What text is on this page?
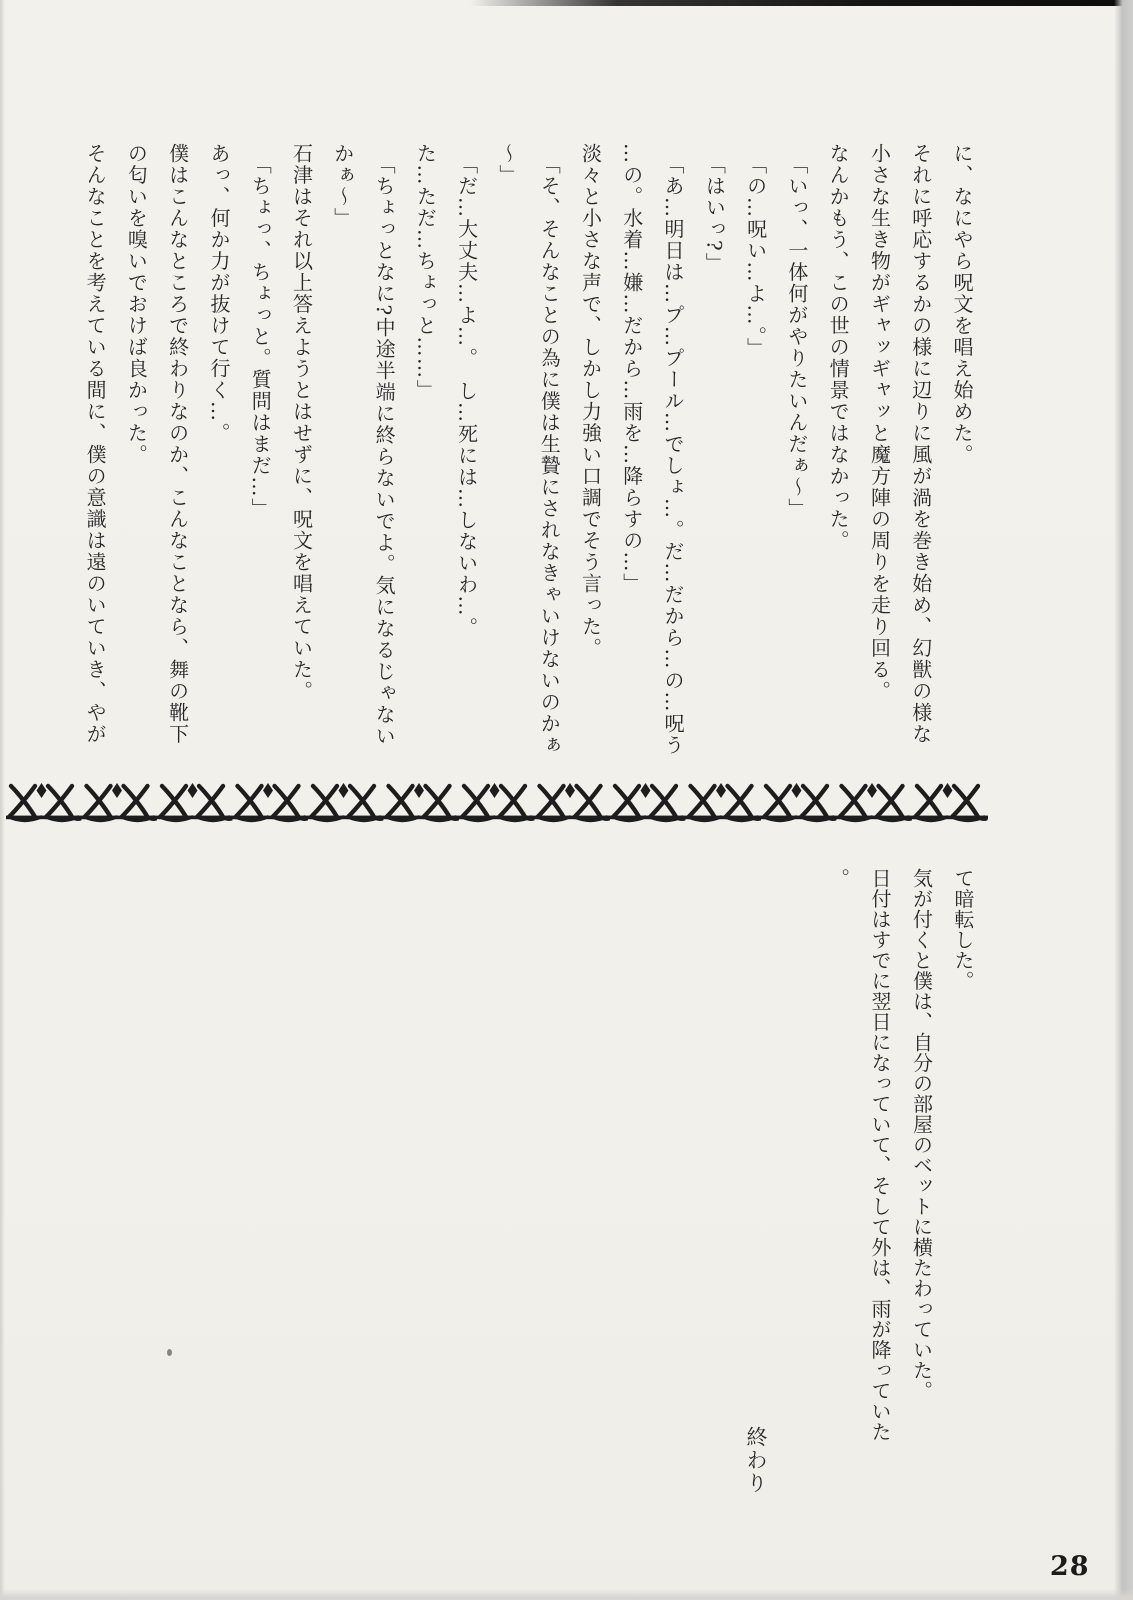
に、なにやら呪文を唱え始めた。
それに呼応するかの様に辺りに風が渦を巻き始め、幻獣の様な
小さな生き物がギャッギャッと魔方陣の周りを走り回る。
なんかもう、この世の情景ではなかった。
「いっ、一体何がやりたいんだぁ～」
「の…呪い…よ…。」
「はいっ?」
「あ…明日は…プ…プール…でしょ…。だ…だから…の…呪う
…の。水着…嫌…だから…雨を…降らすの…」
淡々と小さな声で、しかし力強い口調でそう言った。
「そ、そんなことの為に僕は生贄にされなきゃいけないのかぁ
～」
「だ…大丈夫…よ…。　し…死には…しないわ…。
た…ただ…ちょっと……」
「ちょっとなに?中途半端に終らないでよ。気になるじゃない
かぁ～」
石津はそれ以上答えようとはせずに、呪文を唱えていた。
「ちょっ、ちょっと。質問はまだ…」
あっ、何か力が抜けて行く…。
僕はこんなところで終わりなのか、こんなことなら、舞の靴下
の匂いを嗅いでおけば良かった。
そんなことを考えている間に、僕の意識は遠のいていき、やが
て暗転した。
気が付くと僕は、自分の部屋のベットに横たわっていた。
日付はすでに翌日になっていて、そして外は、雨が降っていた
。
終わり
28
